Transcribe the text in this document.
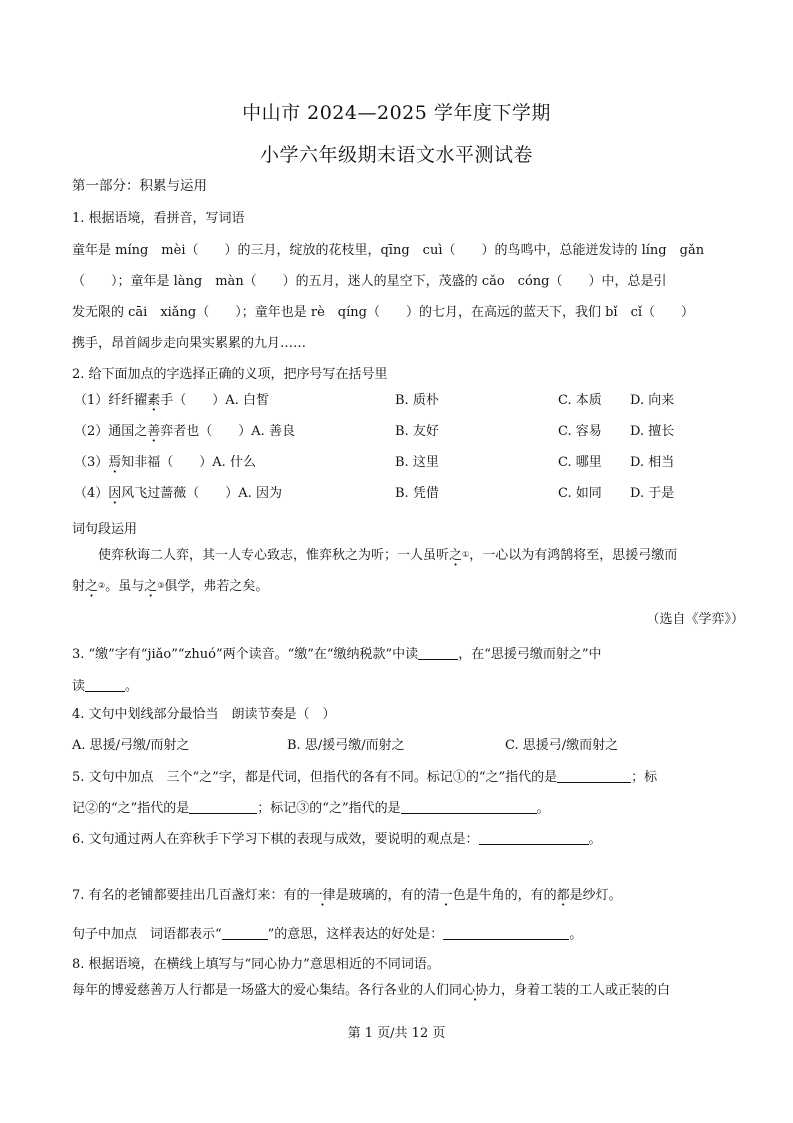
中山市 2024—2025 学年度下学期
小学六年级期末语文水平测试卷
第一部分：积累与运用
1. 根据语境，看拼音，写词语
童年是 míng　mèi（　　）的三月，绽放的花枝里，qīng　cuì（　　）的鸟鸣中，总能迸发诗的 líng　gǎn
（　　）；童年是 làng　màn（　　）的五月，迷人的星空下，茂盛的 cǎo　cóng（　　）中，总是引
发无限的 cāi　xiǎng（　　）；童年也是 rè　qíng（　　）的七月，在高远的蓝天下，我们 bǐ　cǐ（　　）
携手，昂首阔步走向果实累累的九月……
2. 给下面加点的字选择正确的义项，把序号写在括号里
（1）纤纤擢素手（　　）A. 白皙	B. 质朴	C. 本质 D. 向来
（2）通国之善弈者也（　　）A. 善良	B. 友好	C. 容易 D. 擅长
（3）焉知非福（　　）A. 什么	B. 这里	C. 哪里 D. 相当
（4）因风飞过蔷薇（　　）A. 因为	B. 凭借	C. 如同 D. 于是
词句段运用
使弈秋诲二人弈，其一人专心致志，惟弈秋之为听；一人虽听之①，一心以为有鸿鹄将至，思援弓缴而
射之②。虽与之③俱学，弗若之矣。
（选自《学弈》）
3. “缴”字有“jiǎo”“zhuó”两个读音。“缴”在“缴纳税款”中读	，在“思援弓缴而射之”中
读	。
4. 文句中划线部分最恰当　朗读节奏是（　）
A. 思援/弓缴/而射之	B. 思/援弓缴/而射之	C. 思援弓/缴而射之
5. 文句中加点　三个“之”字，都是代词，但指代的各有不同。标记①的“之”指代的是	；标
记②的“之”指代的是	；标记③的“之”指代的是	。
6. 文句通过两人在弈秋手下学习下棋的表现与成效，要说明的观点是：	。
7. 有名的老铺都要挂出几百盏灯来：有的一律是玻璃的，有的清一色是牛角的，有的都是纱灯。
句子中加点　词语都表示“	”的意思，这样表达的好处是：	。
8. 根据语境，在横线上填写与“同心协力”意思相近的不同词语。
每年的博爱慈善万人行都是一场盛大的爱心集结。各行各业的人们同心协力，身着工装的工人或正装的白
第 1 页/共 12 页
